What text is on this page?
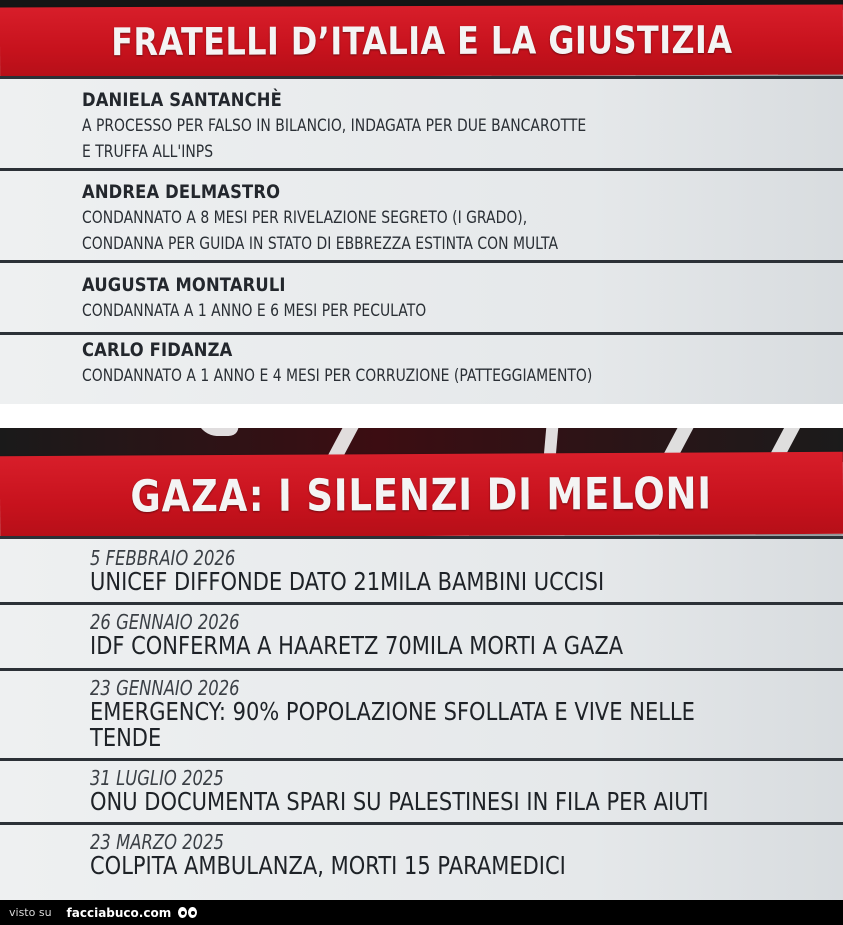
FRATELLI D’ITALIA E LA GIUSTIZIA
DANIELA SANTANCHÈ
A PROCESSO PER FALSO IN BILANCIO, INDAGATA PER DUE BANCAROTTE
E TRUFFA ALL'INPS
ANDREA DELMASTRO
CONDANNATO A 8 MESI PER RIVELAZIONE SEGRETO (I GRADO),
CONDANNA PER GUIDA IN STATO DI EBBREZZA ESTINTA CON MULTA
AUGUSTA MONTARULI
CONDANNATA A 1 ANNO E 6 MESI PER PECULATO
CARLO FIDANZA
CONDANNATO A 1 ANNO E 4 MESI PER CORRUZIONE (PATTEGGIAMENTO)
GAZA: I SILENZI DI MELONI
5 FEBBRAIO 2026
UNICEF DIFFONDE DATO 21MILA BAMBINI UCCISI
26 GENNAIO 2026
IDF CONFERMA A HAARETZ 70MILA MORTI A GAZA
23 GENNAIO 2026
EMERGENCY: 90% POPOLAZIONE SFOLLATA E VIVE NELLE
TENDE
31 LUGLIO 2025
ONU DOCUMENTA SPARI SU PALESTINESI IN FILA PER AIUTI
23 MARZO 2025
COLPITA AMBULANZA, MORTI 15 PARAMEDICI
visto su facciabuco.com
